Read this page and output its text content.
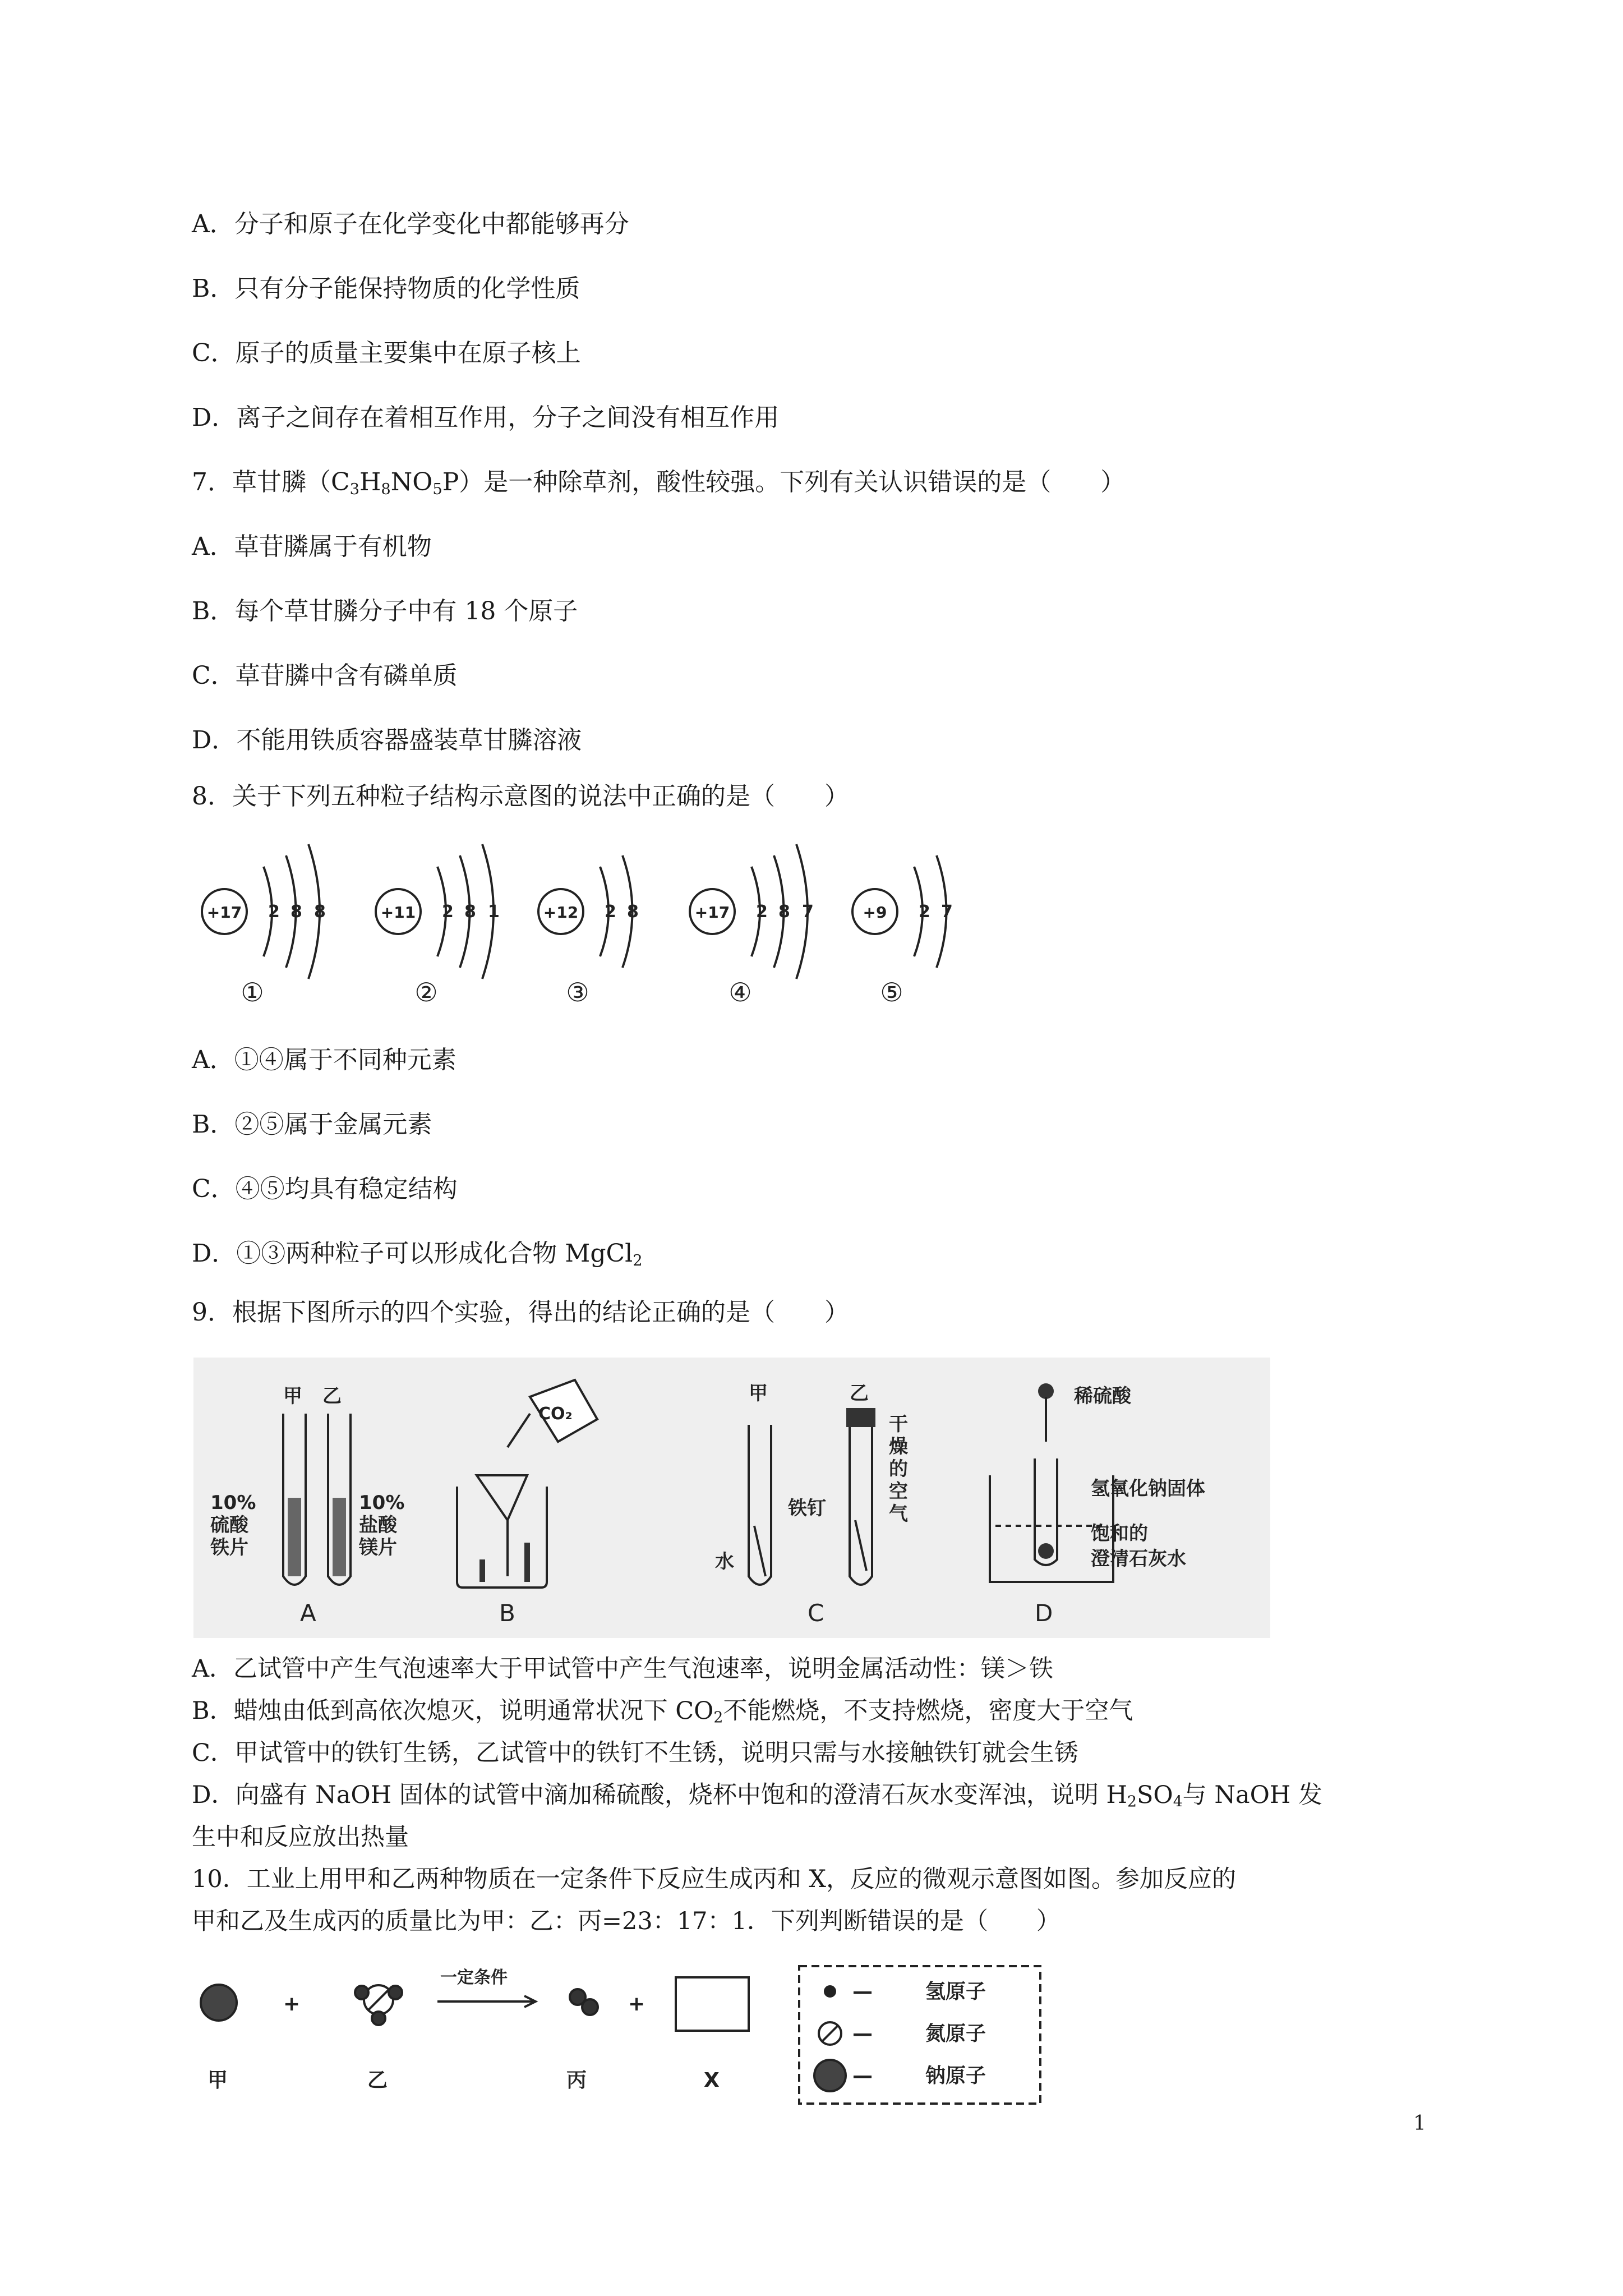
A．分子和原子在化学变化中都能够再分
B．只有分子能保持物质的化学性质
C．原子的质量主要集中在原子核上
D．离子之间存在着相互作用，分子之间没有相互作用
7．草甘膦$(C_3H_8NO_5P)$是一种除草剂，酸性较强。下列有关认识错误的是（　　）
A．草苷膦属于有机物
B．每个草甘膦分子中有 18 个原子
C．草苷膦中含有磷单质
D．不能用铁质容器盛装草甘膦溶液
8．关于下列五种粒子结构示意图的说法中正确的是（　　）
+17 2 8 8
①
+11 2 8 1
②
+12 2 8
③
+17 2 8 7
④
+9 2 7
⑤
A．①④属于不同种元素
B．②⑤属于金属元素
C．④⑤均具有稳定结构
D．①③两种粒子可以形成化合物 MgCl$_2$
9．根据下图所示的四个实验，得出的结论正确的是（　　）
甲 乙
10%
硫酸
铁片
10%
盐酸
镁片
A
CO₂
B
甲	乙
铁钉
水
干
燥
的
空
气
C
稀硫酸
氢氧化钠固体
饱和的
澄清石灰水
D
A．乙试管中产生气泡速率大于甲试管中产生气泡速率，说明金属活动性：镁＞铁
B．蜡烛由低到高依次熄灭，说明通常状况下 $CO_2$不能燃烧，不支持燃烧，密度大于空气
C．甲试管中的铁钉生锈，乙试管中的铁钉不生锈，说明只需与水接触铁钉就会生锈
D．向盛有 NaOH 固体的试管中滴加稀硫酸，烧杯中饱和的澄清石灰水变浑浊，说明 $H_2SO_4$与 NaOH 发
生中和反应放出热量
10．工业上用甲和乙两种物质在一定条件下反应生成丙和 X，反应的微观示意图如图。参加反应的
甲和乙及生成丙的质量比为甲：乙：丙=23：17：1．下列判断错误的是（　　）
+
一定条件
+
甲	乙	丙	X
—	氢原子
—	氮原子
—	钠原子
1
